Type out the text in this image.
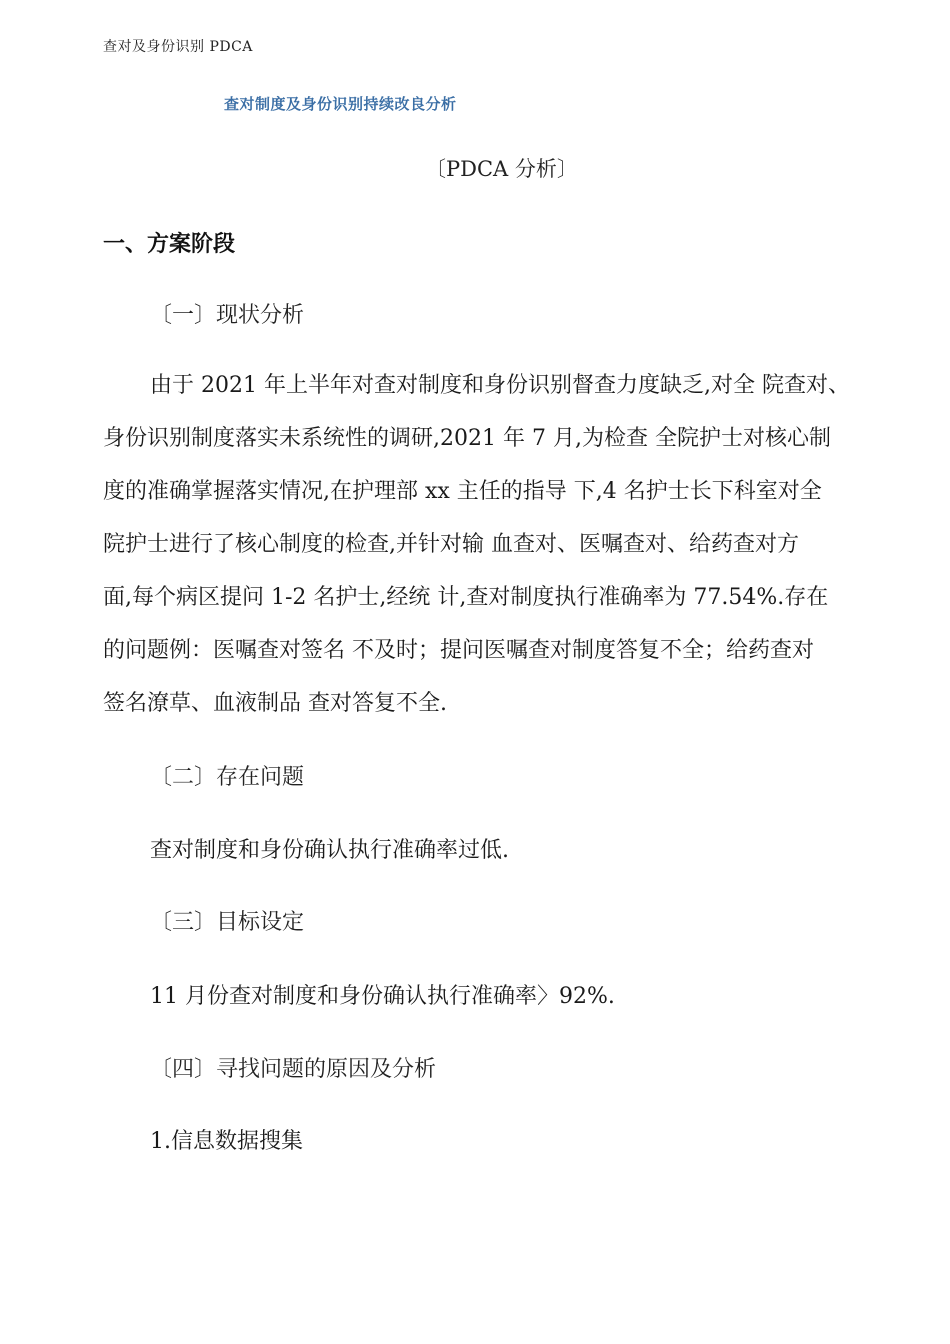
查对及身份识别 PDCA
查对制度及身份识别持续改良分析
〔PDCA 分析〕
一、方案阶段
〔一〕现状分析
由于 2021 年上半年对查对制度和身份识别督查力度缺乏,对全 院查对、
身份识别制度落实未系统性的调研,2021 年 7 月,为检查 全院护士对核心制
度的准确掌握落实情况,在护理部 xx 主任的指导 下,4 名护士长下科室对全
院护士进行了核心制度的检查,并针对输 血查对、医嘱查对、给药查对方
面,每个病区提问 1-2 名护士,经统 计,查对制度执行准确率为 77.54%.存在
的问题例：医嘱查对签名 不及时；提问医嘱查对制度答复不全；给药查对
签名潦草、血液制品 查对答复不全.
〔二〕存在问题
查对制度和身份确认执行准确率过低.
〔三〕目标设定
11 月份查对制度和身份确认执行准确率〉92%.
〔四〕寻找问题的原因及分析
1.信息数据搜集
